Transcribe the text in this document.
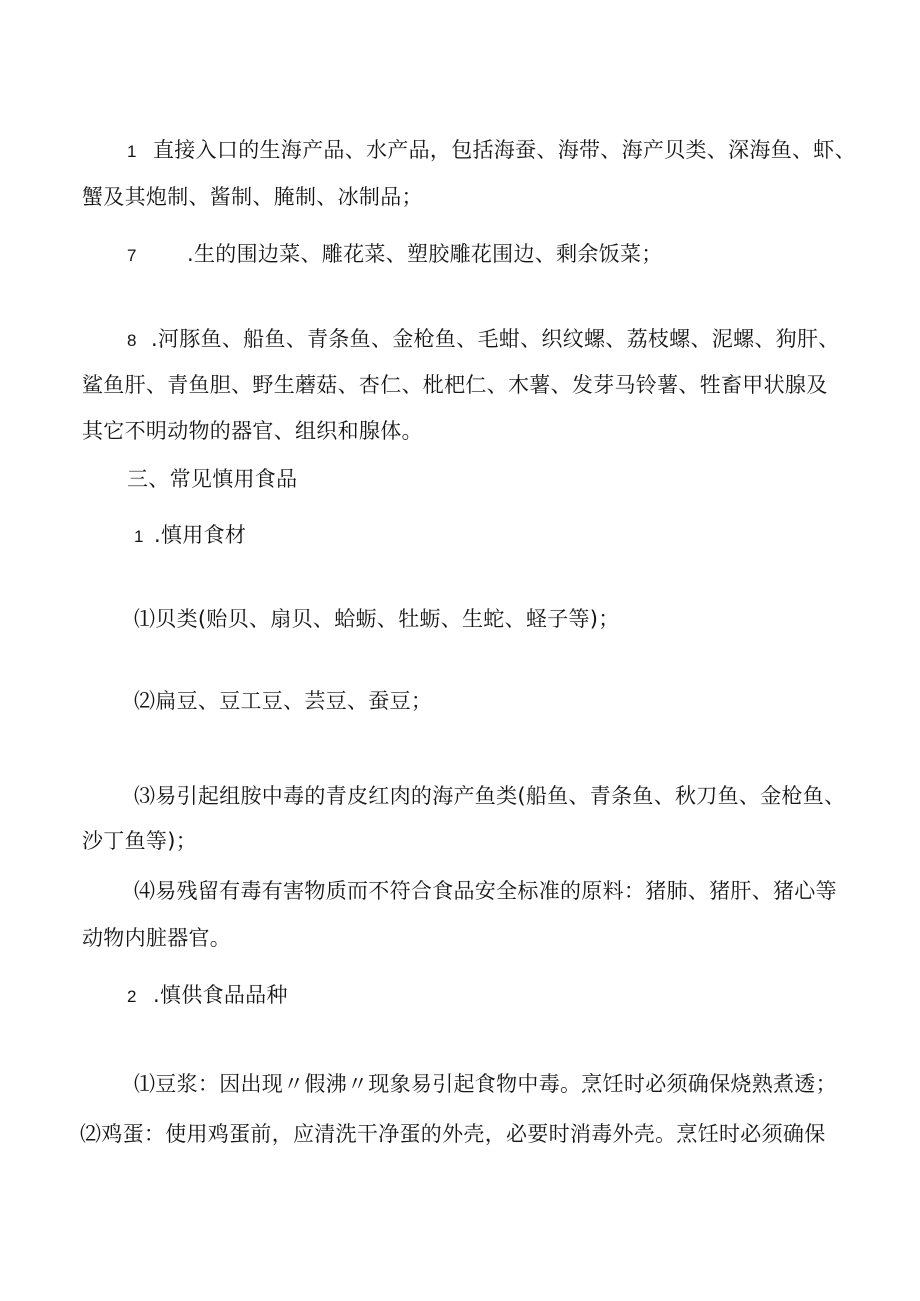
1 直接入口的生海产品、水产品，包括海蚕、海带、海产贝类、深海鱼、虾、
蟹及其炮制、酱制、腌制、冰制品；
7 .生的围边菜、雕花菜、塑胶雕花围边、剩余饭菜；
8 .河豚鱼、船鱼、青条鱼、金枪鱼、毛蚶、织纹螺、荔枝螺、泥螺、狗肝、
鲨鱼肝、青鱼胆、野生蘑菇、杏仁、枇杷仁、木薯、发芽马铃薯、牲畜甲状腺及
其它不明动物的器官、组织和腺体。
三、常见慎用食品
1 .慎用食材
⑴贝类(贻贝、扇贝、蛤蛎、牡蛎、生蛇、蛏子等)；
⑵扁豆、豆工豆、芸豆、蚕豆；
⑶易引起组胺中毒的青皮红肉的海产鱼类(船鱼、青条鱼、秋刀鱼、金枪鱼、
沙丁鱼等)；
⑷易残留有毒有害物质而不符合食品安全标准的原料：猪肺、猪肝、猪心等
动物内脏器官。
2 .慎供食品品种
⑴豆浆：因出现〃假沸〃现象易引起食物中毒。烹饪时必须确保烧熟煮透；
⑵鸡蛋：使用鸡蛋前，应清洗干净蛋的外壳，必要时消毒外壳。烹饪时必须确保
